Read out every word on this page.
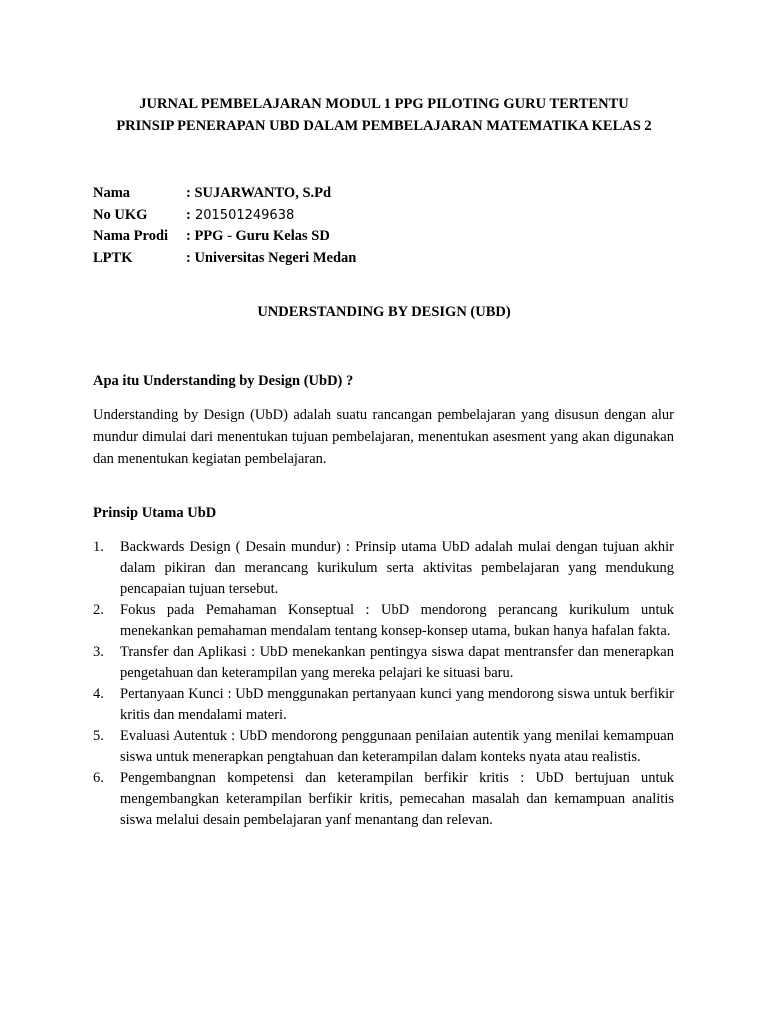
JURNAL PEMBELAJARAN MODUL 1 PPG PILOTING GURU TERTENTU
PRINSIP PENERAPAN UBD DALAM PEMBELAJARAN MATEMATIKA KELAS 2
Nama	: SUJARWANTO, S.Pd
No UKG	: 201501249638
Nama Prodi	: PPG - Guru Kelas SD
LPTK	: Universitas Negeri Medan
UNDERSTANDING BY DESIGN (UBD)
Apa itu Understanding by Design (UbD) ?
Understanding by Design (UbD) adalah suatu rancangan pembelajaran yang disusun dengan alur mundur dimulai dari menentukan tujuan pembelajaran, menentukan asesment yang akan digunakan dan menentukan kegiatan pembelajaran.
Prinsip Utama UbD
1. Backwards Design ( Desain mundur) : Prinsip utama UbD adalah mulai dengan tujuan akhir dalam pikiran dan merancang kurikulum serta aktivitas pembelajaran yang mendukung pencapaian tujuan tersebut.
2. Fokus pada Pemahaman Konseptual : UbD mendorong perancang kurikulum untuk menekankan pemahaman mendalam tentang konsep-konsep utama, bukan hanya hafalan fakta.
3. Transfer dan Aplikasi : UbD menekankan pentingya siswa dapat mentransfer dan menerapkan pengetahuan dan keterampilan yang mereka pelajari ke situasi baru.
4. Pertanyaan Kunci : UbD menggunakan pertanyaan kunci yang mendorong siswa untuk berfikir kritis dan mendalami materi.
5. Evaluasi Autentuk : UbD mendorong penggunaan penilaian autentik yang menilai kemampuan siswa untuk menerapkan pengtahuan dan keterampilan dalam konteks nyata atau realistis.
6. Pengembangnan kompetensi dan keterampilan berfikir kritis : UbD bertujuan untuk mengembangkan keterampilan berfikir kritis, pemecahan masalah dan kemampuan analitis siswa melalui desain pembelajaran yanf menantang dan relevan.
